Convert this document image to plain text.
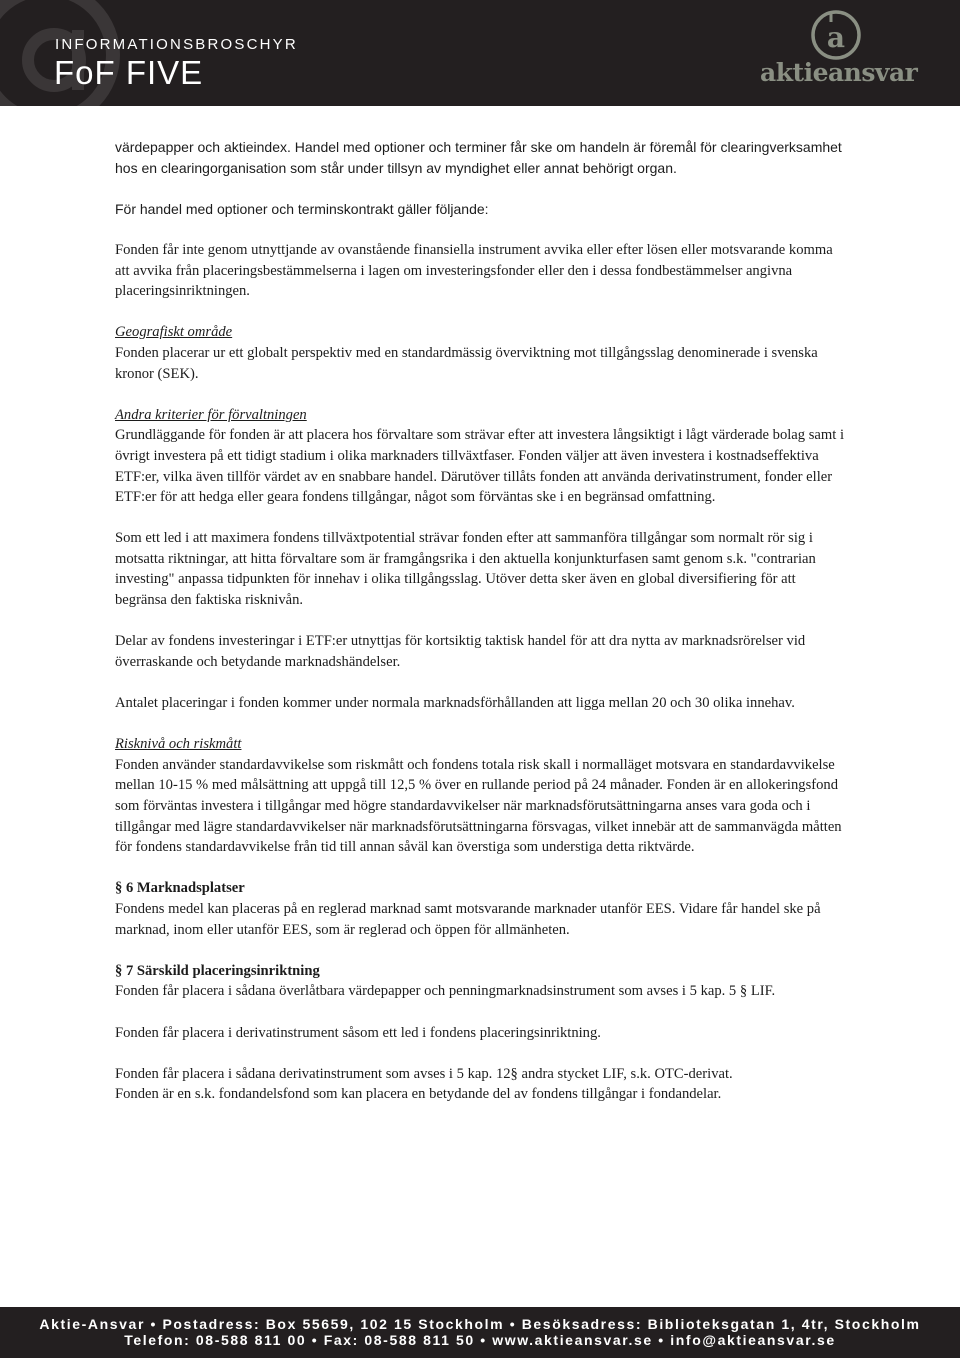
INFORMATIONSBROSCHYR
FoF FIVE
a
aktieansvar

värdepapper och aktieindex. Handel med optioner och terminer får ske om handeln är föremål för clearingverksamhet hos en clearingorganisation som står under tillsyn av myndighet eller annat behörigt organ.

För handel med optioner och terminskontrakt gäller följande:

Fonden får inte genom utnyttjande av ovanstående finansiella instrument avvika eller efter lösen eller motsvarande komma att avvika från placeringsbestämmelserna i lagen om investeringsfonder eller den i dessa fondbestämmelser angivna placeringsinriktningen.

Geografiskt område
Fonden placerar ur ett globalt perspektiv med en standardmässig överviktning mot tillgångsslag denominerade i svenska kronor (SEK).

Andra kriterier för förvaltningen
Grundläggande för fonden är att placera hos förvaltare som strävar efter att investera långsiktigt i lågt värderade bolag samt i övrigt investera på ett tidigt stadium i olika marknaders tillväxtfaser. Fonden väljer att även investera i kostnadseffektiva ETF:er, vilka även tillför värdet av en snabbare handel. Därutöver tillåts fonden att använda derivatinstrument, fonder eller ETF:er för att hedga eller geara fondens tillgångar, något som förväntas ske i en begränsad omfattning.

Som ett led i att maximera fondens tillväxtpotential strävar fonden efter att sammanföra tillgångar som normalt rör sig i motsatta riktningar, att hitta förvaltare som är framgångsrika i den aktuella konjunkturfasen samt genom s.k. "contrarian investing" anpassa tidpunkten för innehav i olika tillgångsslag. Utöver detta sker även en global diversifiering för att begränsa den faktiska risknivån.

Delar av fondens investeringar i ETF:er utnyttjas för kortsiktig taktisk handel för att dra nytta av marknadsrörelser vid överraskande och betydande marknadshändelser.

Antalet placeringar i fonden kommer under normala marknadsförhållanden att ligga mellan 20 och 30 olika innehav.

Risknivå och riskmått
Fonden använder standardavvikelse som riskmått och fondens totala risk skall i normalläget motsvara en standardavvikelse mellan 10-15 % med målsättning att uppgå till 12,5 % över en rullande period på 24 månader. Fonden är en allokeringsfond som förväntas investera i tillgångar med högre standardavvikelser när marknadsförutsättningarna anses vara goda och i tillgångar med lägre standardavvikelser när marknadsförutsättningarna försvagas, vilket innebär att de sammanvägda måtten för fondens standardavvikelse från tid till annan såväl kan överstiga som understiga detta riktvärde.

§ 6 Marknadsplatser
Fondens medel kan placeras på en reglerad marknad samt motsvarande marknader utanför EES. Vidare får handel ske på marknad, inom eller utanför EES, som är reglerad och öppen för allmänheten.

§ 7 Särskild placeringsinriktning
Fonden får placera i sådana överlåtbara värdepapper och penningmarknadsinstrument som avses i 5 kap. 5 § LIF.

Fonden får placera i derivatinstrument såsom ett led i fondens placeringsinriktning.

Fonden får placera i sådana derivatinstrument som avses i 5 kap. 12§ andra stycket LIF, s.k. OTC-derivat.
Fonden är en s.k. fondandelsfond som kan placera en betydande del av fondens tillgångar i fondandelar.

Aktie-Ansvar • Postadress: Box 55659, 102 15 Stockholm • Besöksadress: Biblioteksgatan 1, 4tr, Stockholm
Telefon: 08-588 811 00 • Fax: 08-588 811 50 • www.aktieansvar.se • info@aktieansvar.se
